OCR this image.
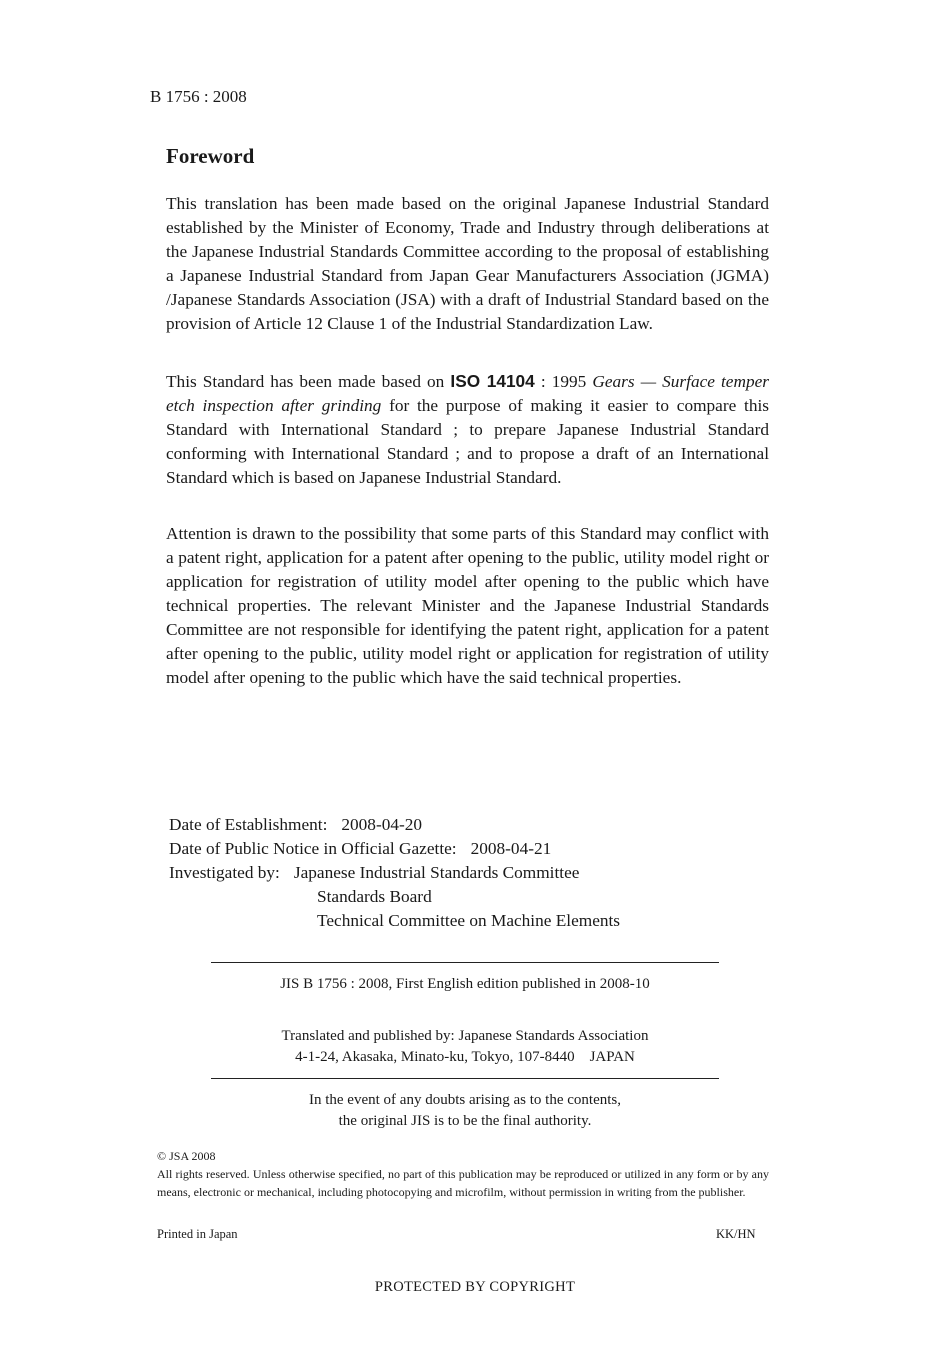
B 1756 : 2008
Foreword

This translation has been made based on the original Japanese Industrial Standard established by the Minister of Economy, Trade and Industry through deliberations at the Japanese Industrial Standards Committee according to the proposal of establishing a Japanese Industrial Standard from Japan Gear Manufacturers Association (JGMA) /Japanese Standards Association (JSA) with a draft of Industrial Standard based on the provision of Article 12 Clause 1 of the Industrial Standardization Law.

This Standard has been made based on ISO 14104 : 1995 Gears — Surface temper etch inspection after grinding for the purpose of making it easier to compare this Standard with International Standard ; to prepare Japanese Industrial Standard conforming with International Standard ; and to propose a draft of an International Standard which is based on Japanese Industrial Standard.

Attention is drawn to the possibility that some parts of this Standard may conflict with a patent right, application for a patent after opening to the public, utility model right or application for registration of utility model after opening to the public which have technical properties. The relevant Minister and the Japanese Industrial Standards Committee are not responsible for identifying the patent right, application for a patent after opening to the public, utility model right or application for registration of utility model after opening to the public which have the said technical properties.

Date of Establishment: 2008-04-20
Date of Public Notice in Official Gazette: 2008-04-21
Investigated by: Japanese Industrial Standards Committee
Standards Board
Technical Committee on Machine Elements
JIS B 1756 : 2008, First English edition published in 2008-10
Translated and published by: Japanese Standards Association
4-1-24, Akasaka, Minato-ku, Tokyo, 107-8440    JAPAN
In the event of any doubts arising as to the contents,
the original JIS is to be the final authority.
© JSA 2008
All rights reserved. Unless otherwise specified, no part of this publication may be reproduced or utilized in any form or by any means, electronic or mechanical, including photocopying and microfilm, without permission in writing from the publisher.
Printed in Japan	KK/HN
PROTECTED BY COPYRIGHT
